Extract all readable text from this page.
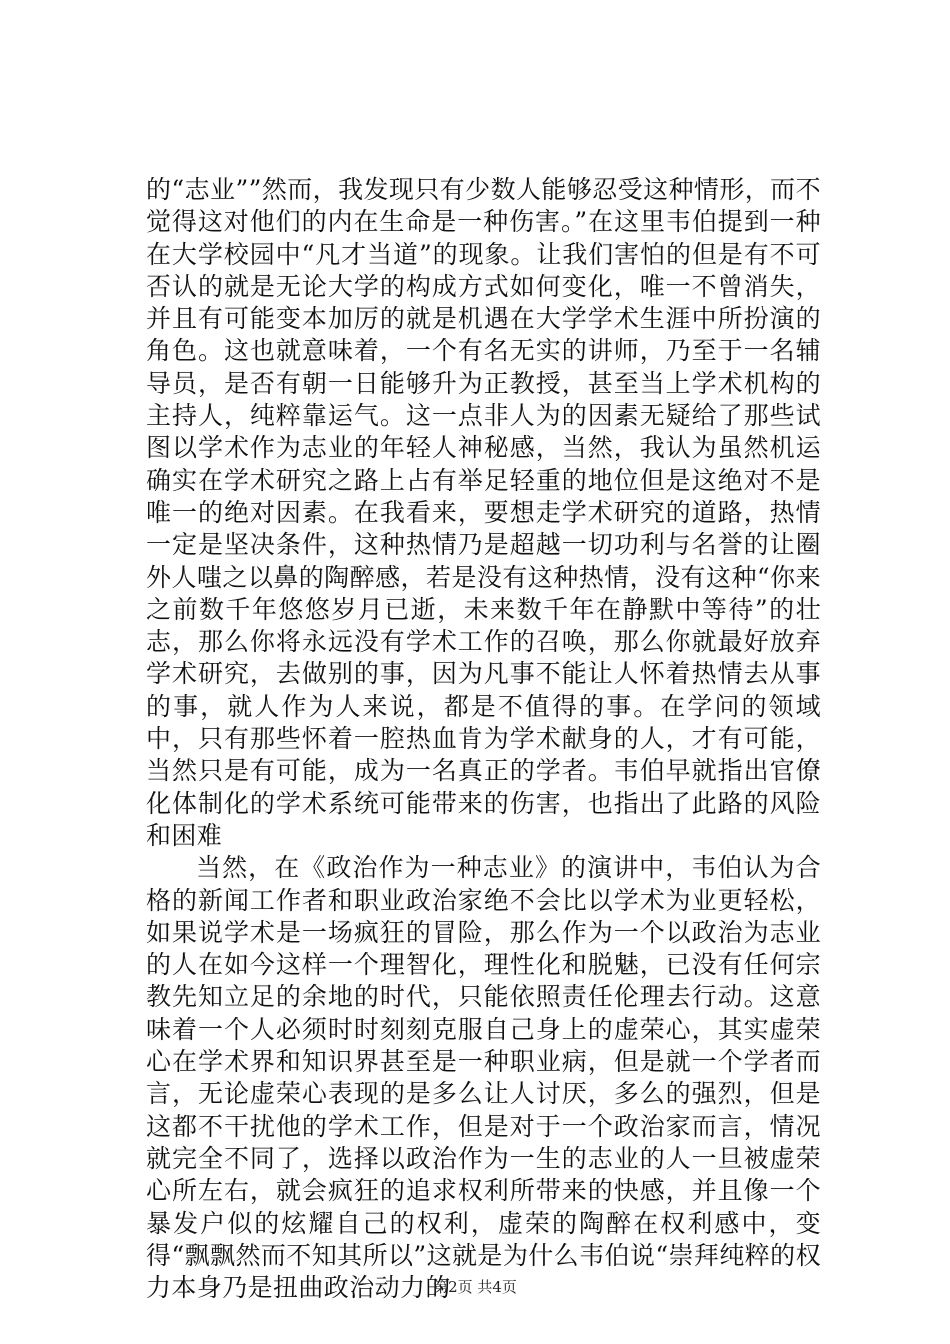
的“志业””然而，我发现只有少数人能够忍受这种情形，而不觉得这对他们的内在生命是一种伤害。”在这里韦伯提到一种在大学校园中“凡才当道”的现象。让我们害怕的但是有不可否认的就是无论大学的构成方式如何变化，唯一不曾消失，并且有可能变本加厉的就是机遇在大学学术生涯中所扮演的角色。这也就意味着，一个有名无实的讲师，乃至于一名辅导员，是否有朝一日能够升为正教授，甚至当上学术机构的主持人，纯粹靠运气。这一点非人为的因素无疑给了那些试图以学术作为志业的年轻人神秘感，当然，我认为虽然机运确实在学术研究之路上占有举足轻重的地位但是这绝对不是唯一的绝对因素。在我看来，要想走学术研究的道路，热情一定是坚决条件，这种热情乃是超越一切功利与名誉的让圈外人嗤之以鼻的陶醉感，若是没有这种热情，没有这种“你来之前数千年悠悠岁月已逝，未来数千年在静默中等待”的壮志，那么你将永远没有学术工作的召唤，那么你就最好放弃学术研究，去做别的事，因为凡事不能让人怀着热情去从事的事，就人作为人来说，都是不值得的事。在学问的领域中，只有那些怀着一腔热血肯为学术献身的人，才有可能，当然只是有可能，成为一名真正的学者。韦伯早就指出官僚化体制化的学术系统可能带来的伤害，也指出了此路的风险和困难

当然，在《政治作为一种志业》的演讲中，韦伯认为合格的新闻工作者和职业政治家绝不会比以学术为业更轻松，如果说学术是一场疯狂的冒险，那么作为一个以政治为志业的人在如今这样一个理智化，理性化和脱魅，已没有任何宗教先知立足的余地的时代，只能依照责任伦理去行动。这意味着一个人必须时时刻刻克服自己身上的虚荣心，其实虚荣心在学术界和知识界甚至是一种职业病，但是就一个学者而言，无论虚荣心表现的是多么让人讨厌，多么的强烈，但是这都不干扰他的学术工作，但是对于一个政治家而言，情况就完全不同了，选择以政治作为一生的志业的人一旦被虚荣心所左右，就会疯狂的追求权利所带来的快感，并且像一个暴发户似的炫耀自己的权利，虚荣的陶醉在权利感中，变得“飘飘然而不知其所以”这就是为什么韦伯说“崇拜纯粹的权力本身乃是扭曲政治动力的

第2页 共4页
